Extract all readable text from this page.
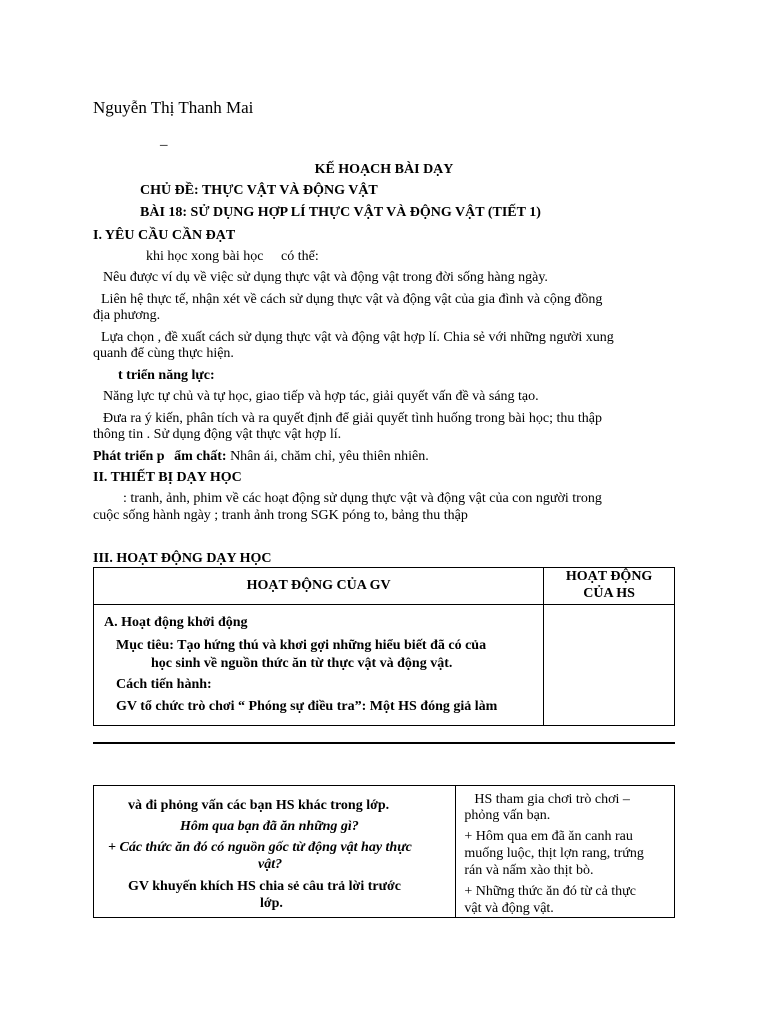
Nguyễn Thị Thanh Mai
–
KẾ HOẠCH BÀI DẠY
CHỦ ĐỀ: THỰC VẬT VÀ ĐỘNG VẬT
BÀI 18: SỬ DỤNG HỢP LÍ THỰC VẬT VÀ ĐỘNG VẬT (TIẾT 1)
I. YÊU CẦU CẦN ĐẠT
khi học xong bài học có thể:
Nêu được ví dụ về việc sử dụng thực vật và động vật trong đời sống hàng ngày.
Liên hệ thực tế, nhận xét về cách sử dụng thực vật và động vật của gia đình và cộng đồng
địa phương.
Lựa chọn , đề xuất cách sử dụng thực vật và động vật hợp lí. Chia sẻ với những người xung
quanh để cùng thực hiện.
t triển năng lực:
Năng lực tự chủ và tự học, giao tiếp và hợp tác, giải quyết vấn đề và sáng tạo.
Đưa ra ý kiến, phân tích và ra quyết định để giải quyết tình huống trong bài học; thu thập
thông tin . Sử dụng động vật thực vật hợp lí.
Phát triển p ẩm chất: Nhân ái, chăm chỉ, yêu thiên nhiên.
II. THIẾT BỊ DẠY HỌC
: tranh, ảnh, phim về các hoạt động sử dụng thực vật và động vật của con người trong
cuộc sống hành ngày ; tranh ảnh trong SGK póng to, bảng thu thập
III. HOẠT ĐỘNG DẠY HỌC
HOẠT ĐỘNG CỦA GV	HOẠT ĐỘNG
CỦA HS

A. Hoạt động khởi động
Mục tiêu: Tạo hứng thú và khơi gợi những hiểu biết đã có của
học sinh về nguồn thức ăn từ thực vật và động vật.
Cách tiến hành:
GV tổ chức trò chơi “ Phóng sự điều tra”: Một HS đóng giả làm	

và đi phỏng vấn các bạn HS khác trong lớp.
Hôm qua bạn đã ăn những gì?
+ Các thức ăn đó có nguồn gốc từ động vật hay thực
vật?
GV khuyến khích HS chia sẻ câu trả lời trước
lớp.

HS tham gia chơi trò chơi –
phỏng vấn bạn.
+ Hôm qua em đã ăn canh rau
muống luộc, thịt lợn rang, trứng
rán và nấm xào thịt bò.
+ Những thức ăn đó từ cả thực
vật và động vật.
